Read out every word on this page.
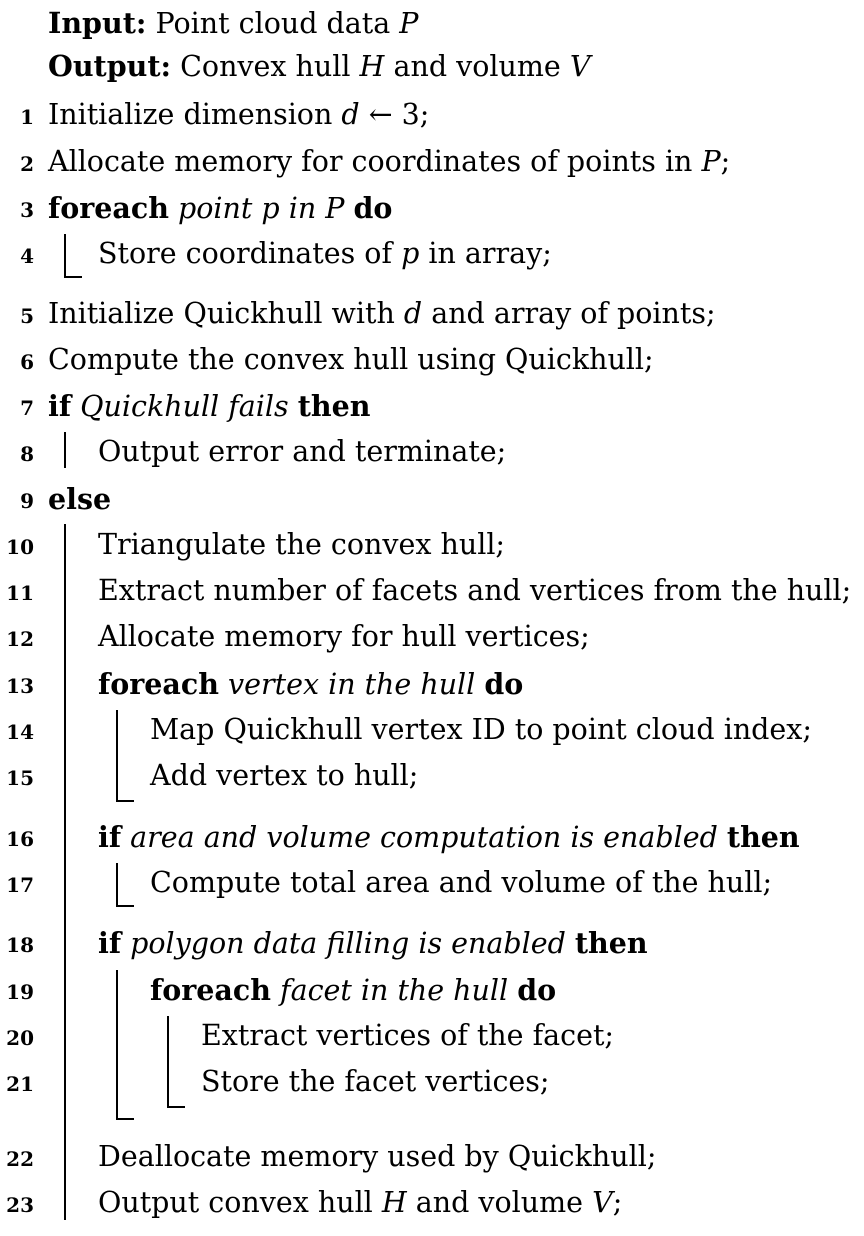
Input: Point cloud data P
Output: Convex hull H and volume V
1 Initialize dimension d ← 3;
2 Allocate memory for coordinates of points in P;
3 foreach point p in P do
4 Store coordinates of p in array;
5 Initialize Quickhull with d and array of points;
6 Compute the convex hull using Quickhull;
7 if Quickhull fails then
8 Output error and terminate;
9 else
10 Triangulate the convex hull;
11 Extract number of facets and vertices from the hull;
12 Allocate memory for hull vertices;
13 foreach vertex in the hull do
14	Map Quickhull vertex ID to point cloud index;
15	Add vertex to hull;
16 if area and volume computation is enabled then
17	Compute total area and volume of the hull;
18 if polygon data filling is enabled then
19	foreach facet in the hull do
20	Extract vertices of the facet;
21	Store the facet vertices;
22 Deallocate memory used by Quickhull;
23 Output convex hull H and volume V;
